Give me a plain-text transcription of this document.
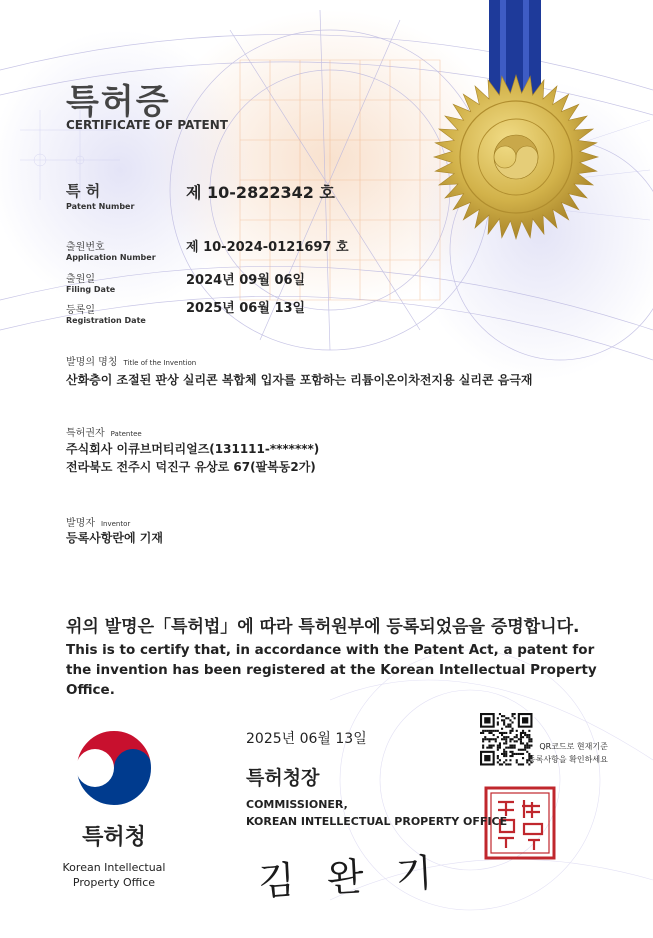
특허증
CERTIFICATE OF PATENT
특 허
Patent Number
제 10-2822342 호
출원번호
Application Number
제 10-2024-0121697 호
출원일
Filing Date
2024년 09월 06일
등록일
Registration Date
2025년 06월 13일
발명의 명칭 Title of the Invention
산화층이 조절된 판상 실리콘 복합체 입자를 포함하는 리튬이온이차전지용 실리콘 음극재
특허권자 Patentee
주식회사 이큐브머티리얼즈(131111-*******)
전라북도 전주시 덕진구 유상로 67(팔복동2가)
발명자 Inventor
등록사항란에 기재
위의 발명은「특허법」에 따라 특허원부에 등록되었음을 증명합니다.
This is to certify that, in accordance with the Patent Act, a patent for the invention has been registered at the Korean Intellectual Property Office.
2025년 06월 13일	QR코드로 현재기준
등록사항을 확인하세요
특허청장
COMMISSIONER,
KOREAN INTELLECTUAL PROPERTY OFFICE
김 완 기
특허청
Korean Intellectual Property Office
